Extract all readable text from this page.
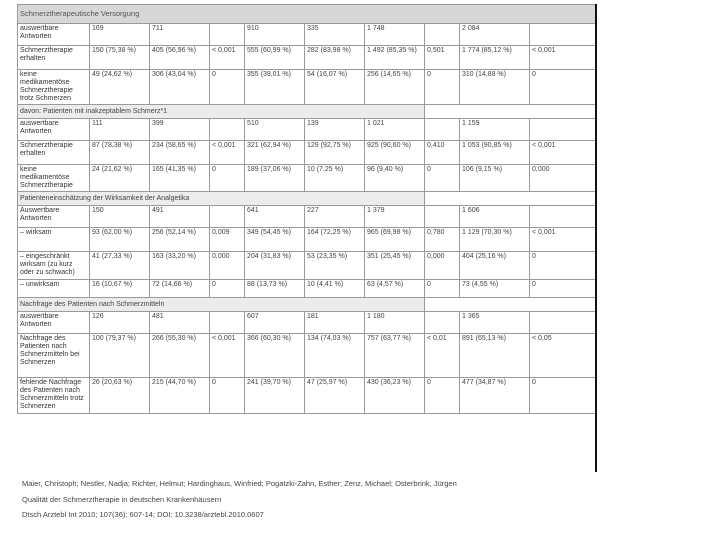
Schmerztherapeutische Versorgung									
auswertbare Antworten	169	711		910	335	1 748		2 084	
Schmerztherapie erhalten	150 (75,38 %)	405 (56,96 %)	< 0,001	555 (60,99 %)	282 (83,98 %)	1 492 (85,35 %)	0,501	1 774 (85,12 %)	< 0,001
keine medikamentöse Schmerztherapie trotz Schmerzen	49 (24,62 %)	306 (43,04 %)	0	355 (39,01 %)	54 (16,07 %)	256 (14,65 %)	0	310 (14,88 %)	0
davon: Patienten mit inakzeptablem Schmerz*1									
auswertbare Antworten	111	399		510	139	1 021		1 159	
Schmerztherapie erhalten	87 (78,38 %)	234 (58,65 %)	< 0,001	321 (62,94 %)	129 (92,75 %)	925 (90,60 %)	0,410	1 053 (90,85 %)	< 0,001
keine medikamentöse Schmerztherapie	24 (21,62 %)	165 (41,35 %)	0	189 (37,06 %)	10 (7,25 %)	96 (9,40 %)	0	106 (9,15 %)	0,000
Patienteneinschätzung der Wirksamkeit der Analgetika									
Auswertbare Antworten	150	491		641	227	1 379		1 606	
– wirksam	93 (62,00 %)	256 (52,14 %)	0,009	349 (54,45 %)	164 (72,25 %)	965 (69,98 %)	0,780	1 129 (70,30 %)	< 0,001
– eingeschränkt wirksam (zu kurz oder zu schwach)	41 (27,33 %)	163 (33,20 %)	0,000	204 (31,83 %)	53 (23,35 %)	351 (25,45 %)	0,000	404 (25,16 %)	0
– unwirksam	16 (10,67 %)	72 (14,66 %)	0	88 (13,73 %)	10 (4,41 %)	63 (4,57 %)	0	73 (4,55 %)	0
Nachfrage des Patienten nach Schmerzmitteln									
auswertbare Antworten	126	481		607	181	1 180		1 365	
Nachfrage des Patienten nach Schmerzmitteln bei Schmerzen	100 (79,37 %)	266 (55,30 %)	< 0,001	366 (60,30 %)	134 (74,03 %)	757 (63,77 %)	< 0,01	891 (65,13 %)	< 0,05
fehlende Nachfrage des Patienten nach Schmerzmitteln trotz Schmerzen	26 (20,63 %)	215 (44,70 %)	0	241 (39,70 %)	47 (25,97 %)	430 (36,23 %)	0	477 (34,87 %)	0
Maier, Christoph; Nestler, Nadja; Richter, Helmut; Hardinghaus, Winfried; Pogatzki-Zahn, Esther; Zenz, Michael; Osterbrink, Jürgen
Qualität der Schmerztherapie in deutschen Krankenhäusern
Dtsch Arztebl Int 2010; 107(36): 607-14; DOI: 10.3238/arztebl.2010.0607
